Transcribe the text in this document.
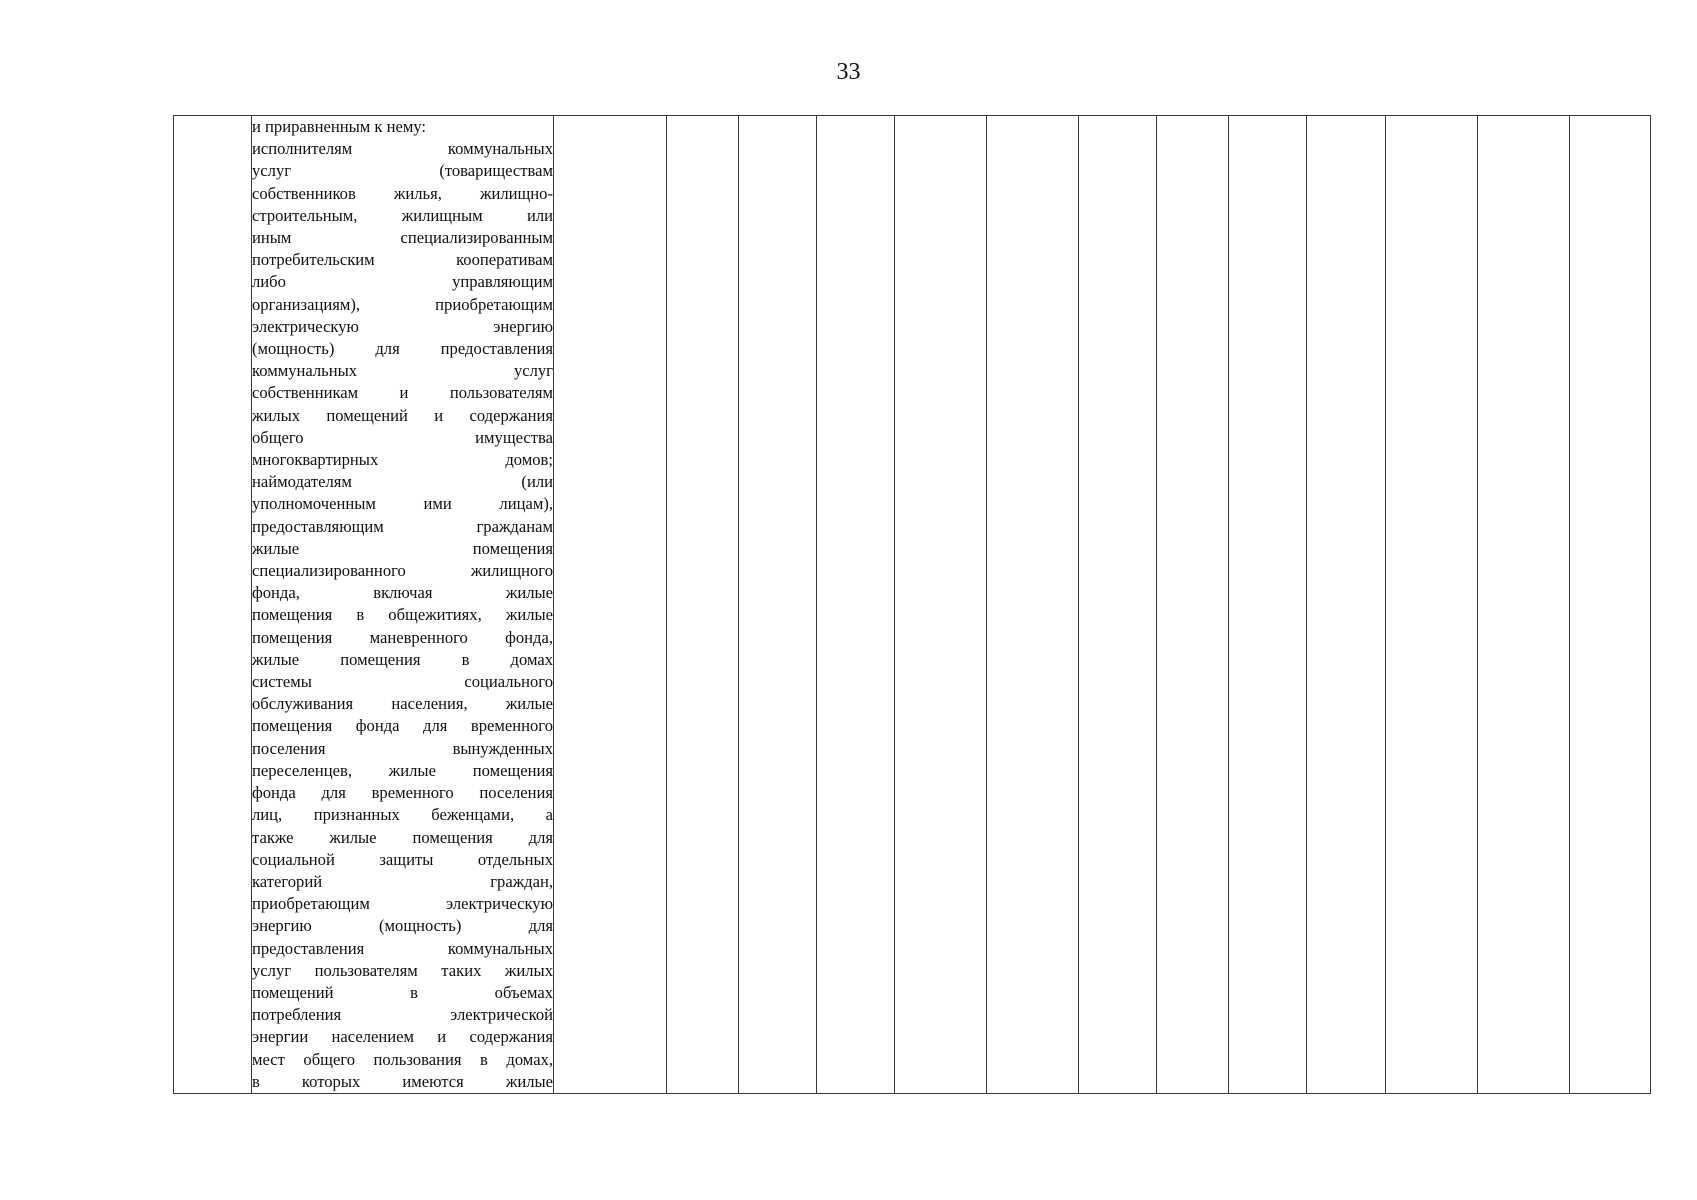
33

и приравненным к нему:
исполнителям коммунальных
услуг (товариществам
собственников жилья, жилищно-
строительным, жилищным или
иным специализированным
потребительским кооперативам
либо управляющим
организациям), приобретающим
электрическую энергию
(мощность) для предоставления
коммунальных услуг
собственникам и пользователям
жилых помещений и содержания
общего имущества
многоквартирных домов;
наймодателям (или
уполномоченным ими лицам),
предоставляющим гражданам
жилые помещения
специализированного жилищного
фонда, включая жилые
помещения в общежитиях, жилые
помещения маневренного фонда,
жилые помещения в домах
системы социального
обслуживания населения, жилые
помещения фонда для временного
поселения вынужденных
переселенцев, жилые помещения
фонда для временного поселения
лиц, признанных беженцами, а
также жилые помещения для
социальной защиты отдельных
категорий граждан,
приобретающим электрическую
энергию (мощность) для
предоставления коммунальных
услуг пользователям таких жилых
помещений в объемах
потребления электрической
энергии населением и содержания
мест общего пользования в домах,
в которых имеются жилые
